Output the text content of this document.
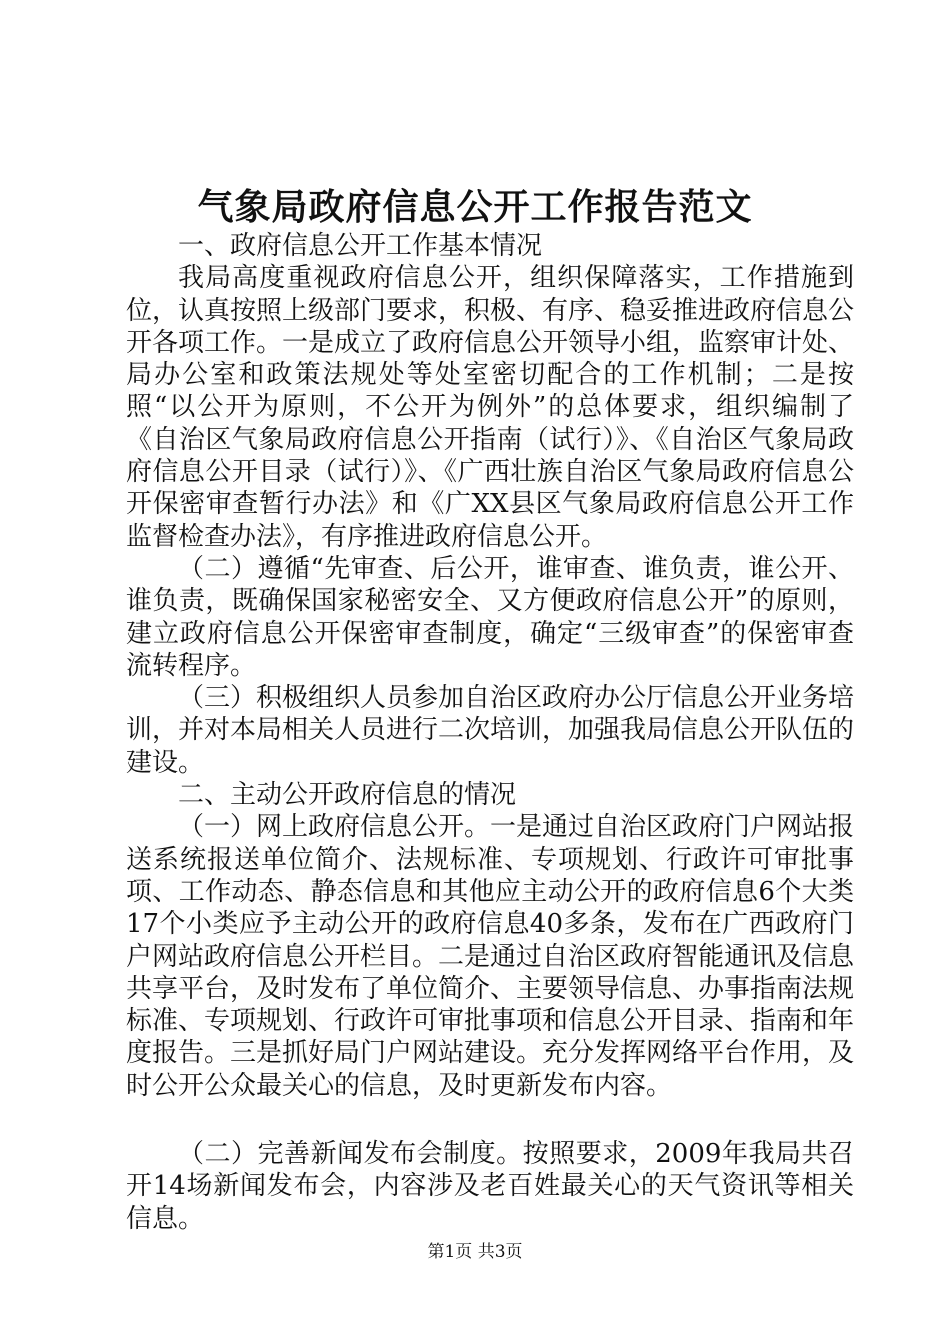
气象局政府信息公开工作报告范文

一、政府信息公开工作基本情况

我局高度重视政府信息公开，组织保障落实，工作措施到位，认真按照上级部门要求，积极、有序、稳妥推进政府信息公开各项工作。一是成立了政府信息公开领导小组，监察审计处、局办公室和政策法规处等处室密切配合的工作机制；二是按照“以公开为原则，不公开为例外”的总体要求，组织编制了《自治区气象局政府信息公开指南（试行）》、《自治区气象局政府信息公开目录（试行）》、《广西壮族自治区气象局政府信息公开保密审查暂行办法》和《广XX县区气象局政府信息公开工作监督检查办法》，有序推进政府信息公开。

（二）遵循“先审查、后公开，谁审查、谁负责，谁公开、谁负责，既确保国家秘密安全、又方便政府信息公开”的原则，建立政府信息公开保密审查制度，确定“三级审查”的保密审查流转程序。

（三）积极组织人员参加自治区政府办公厅信息公开业务培训，并对本局相关人员进行二次培训，加强我局信息公开队伍的建设。

二、主动公开政府信息的情况

（一）网上政府信息公开。一是通过自治区政府门户网站报送系统报送单位简介、法规标准、专项规划、行政许可审批事项、工作动态、静态信息和其他应主动公开的政府信息6个大类17个小类应予主动公开的政府信息40多条，发布在广西政府门户网站政府信息公开栏目。二是通过自治区政府智能通讯及信息共享平台，及时发布了单位简介、主要领导信息、办事指南法规标准、专项规划、行政许可审批事项和信息公开目录、指南和年度报告。三是抓好局门户网站建设。充分发挥网络平台作用，及时公开公众最关心的信息，及时更新发布内容。

（二）完善新闻发布会制度。按照要求，2009年我局共召开14场新闻发布会，内容涉及老百姓最关心的天气资讯等相关信息。

第1页 共3页
